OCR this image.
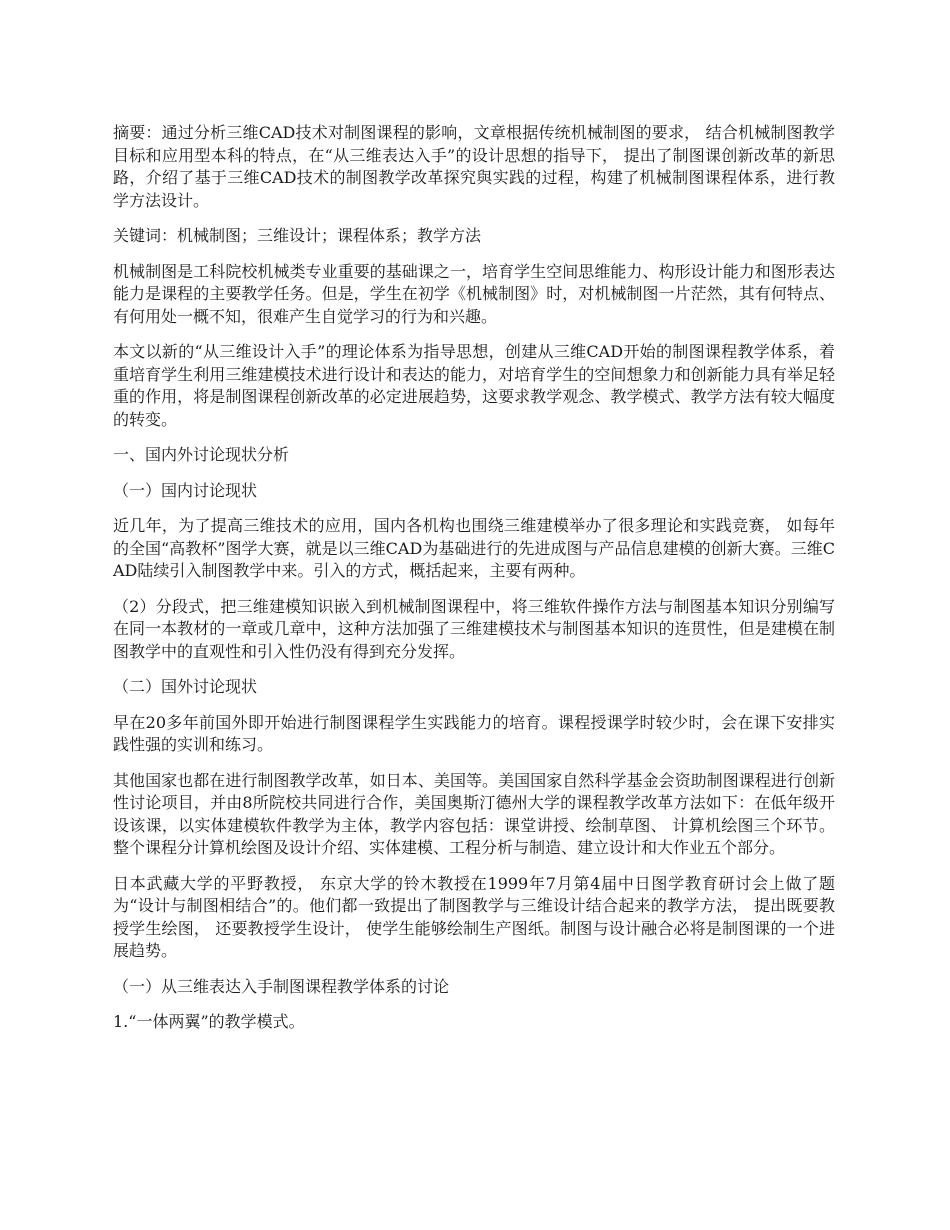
摘要：通过分析三维CAD技术对制图课程的影响，文章根据传统机械制图的要求， 结合机械制图教学目标和应用型本科的特点，在“从三维表达入手”的设计思想的指导下， 提出了制图课创新改革的新思路，介绍了基于三维CAD技术的制图教学改革探究與实践的过程，构建了机械制图课程体系，进行教学方法设计。

关键词：机械制图；三维设计；课程体系；教学方法

机械制图是工科院校机械类专业重要的基础课之一，培育学生空间思维能力、构形设计能力和图形表达能力是课程的主要教学任务。但是，学生在初学《机械制图》时，对机械制图一片茫然，其有何特点、有何用处一概不知，很难产生自觉学习的行为和兴趣。

本文以新的“从三维设计入手”的理论体系为指导思想，创建从三维CAD开始的制图课程教学体系，着重培育学生利用三维建模技术进行设计和表达的能力，对培育学生的空间想象力和创新能力具有举足轻重的作用，将是制图课程创新改革的必定进展趋势，这要求教学观念、教学模式、教学方法有较大幅度的转变。

一、国内外讨论现状分析

（一）国内讨论现状

近几年，为了提高三维技术的应用，国内各机构也围绕三维建模举办了很多理论和实践竞赛， 如每年的全国“高教杯”图学大赛，就是以三维CAD为基础进行的先进成图与产品信息建模的创新大赛。三维CAD陆续引入制图教学中来。引入的方式，概括起来，主要有两种。

（2）分段式，把三维建模知识嵌入到机械制图课程中，将三维软件操作方法与制图基本知识分别编写在同一本教材的一章或几章中，这种方法加强了三维建模技术与制图基本知识的连贯性，但是建模在制图教学中的直观性和引入性仍没有得到充分发挥。

（二）国外讨论现状

早在20多年前国外即开始进行制图课程学生实践能力的培育。课程授课学时较少时，会在课下安排实践性强的实训和练习。

其他国家也都在进行制图教学改革，如日本、美国等。美国国家自然科学基金会资助制图课程进行创新性讨论项目，并由8所院校共同进行合作，美国奥斯汀德州大学的课程教学改革方法如下：在低年级开设该课，以实体建模软件教学为主体，教学内容包括：课堂讲授、绘制草图、 计算机绘图三个环节。整个课程分计算机绘图及设计介绍、实体建模、工程分析与制造、建立设计和大作业五个部分。

日本武藏大学的平野教授， 东京大学的铃木教授在1999年7月第4届中日图学教育研讨会上做了题为“设计与制图相结合”的。他们都一致提出了制图教学与三维设计结合起来的教学方法， 提出既要教授学生绘图， 还要教授学生设计， 使学生能够绘制生产图纸。制图与设计融合必将是制图课的一个进展趋势。

（一）从三维表达入手制图课程教学体系的讨论

1.“一体两翼”的教学模式。
